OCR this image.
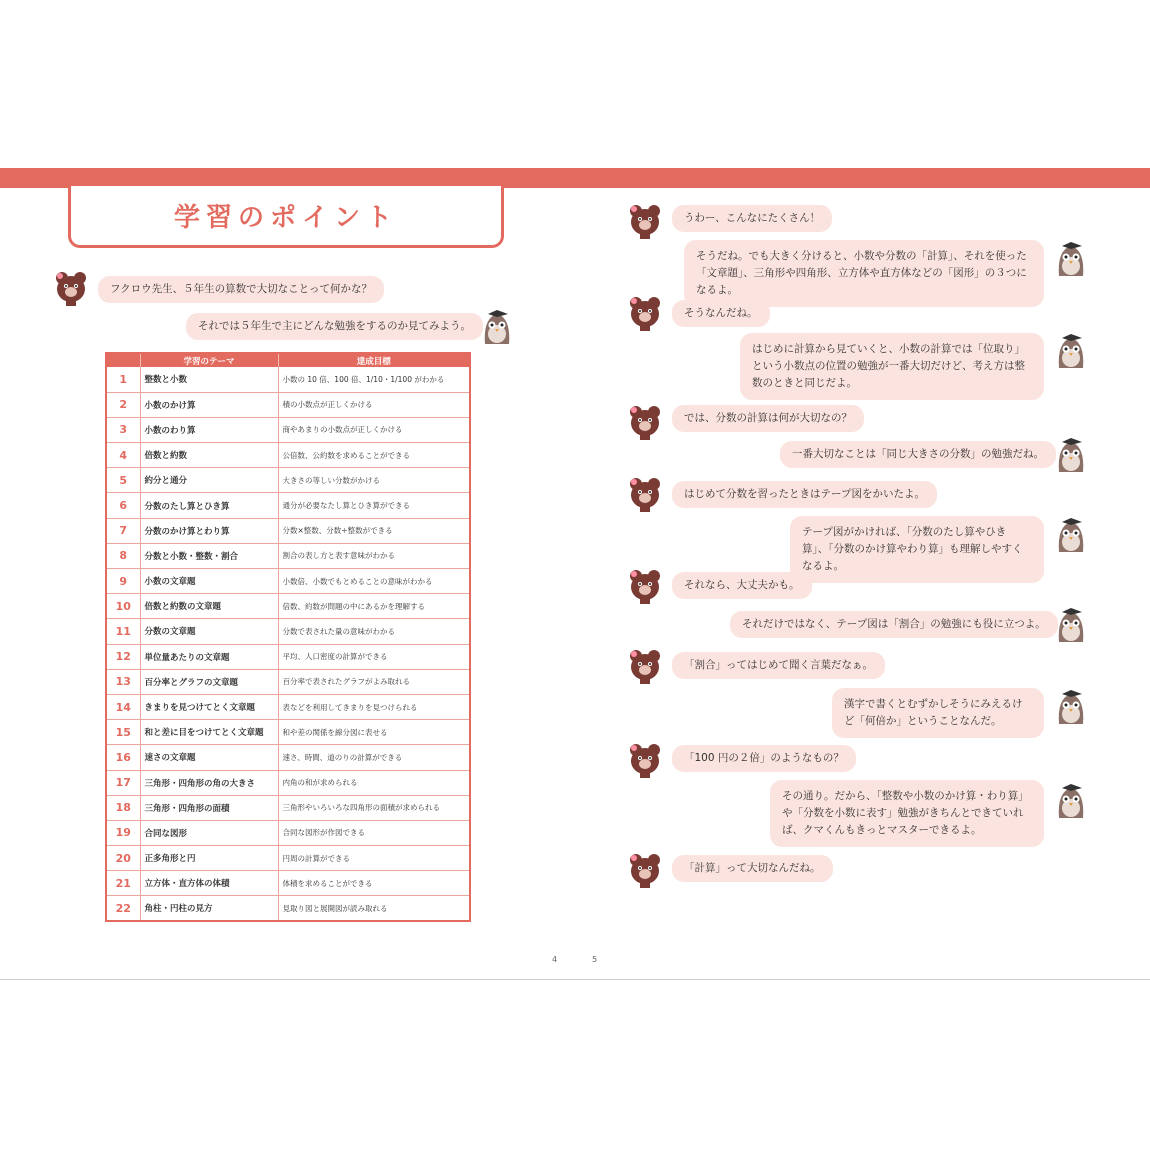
学習のポイント
フクロウ先生、５年生の算数で大切なことって何かな？
それでは５年生で主にどんな勉強をするのか見てみよう。
	学習のテーマ	達成目標
1	整数と小数	小数の 10 倍、100 倍、1/10・1/100 がわかる
2	小数のかけ算	積の小数点が正しくかける
3	小数のわり算	商やあまりの小数点が正しくかける
4	倍数と約数	公倍数、公約数を求めることができる
5	約分と通分	大きさの等しい分数がかける
6	分数のたし算とひき算	通分が必要なたし算とひき算ができる
7	分数のかけ算とわり算	分数×整数、分数÷整数ができる
8	分数と小数・整数・割合	割合の表し方と表す意味がわかる
9	小数の文章題	小数倍、小数でもとめることの意味がわかる
10	倍数と約数の文章題	倍数、約数が問題の中にあるかを理解する
11	分数の文章題	分数で表された量の意味がわかる
12	単位量あたりの文章題	平均、人口密度の計算ができる
13	百分率とグラフの文章題	百分率で表されたグラフがよみ取れる
14	きまりを見つけてとく文章題	表などを利用してきまりを見つけられる
15	和と差に目をつけてとく文章題	和や差の関係を線分図に表せる
16	速さの文章題	速さ、時間、道のりの計算ができる
17	三角形・四角形の角の大きさ	内角の和が求められる
18	三角形・四角形の面積	三角形やいろいろな四角形の面積が求められる
19	合同な図形	合同な図形が作図できる
20	正多角形と円	円周の計算ができる
21	立方体・直方体の体積	体積を求めることができる
22	角柱・円柱の見方	見取り図と展開図が読み取れる
うわー、こんなにたくさん！
そうだね。でも大きく分けると、小数や分数の「計算」、それを使った「文章題」、三角形や四角形、立方体や直方体などの「図形」の３つになるよ。
そうなんだね。
はじめに計算から見ていくと、小数の計算では「位取り」という小数点の位置の勉強が一番大切だけど、考え方は整数のときと同じだよ。
では、分数の計算は何が大切なの？
一番大切なことは「同じ大きさの分数」の勉強だね。
はじめて分数を習ったときはテープ図をかいたよ。
テープ図がかければ、「分数のたし算やひき算」、「分数のかけ算やわり算」も理解しやすくなるよ。
それなら、大丈夫かも。
それだけではなく、テープ図は「割合」の勉強にも役に立つよ。
「割合」ってはじめて聞く言葉だなぁ。
漢字で書くとむずかしそうにみえるけど「何倍か」ということなんだ。
「100 円の２倍」のようなもの？
その通り。だから、「整数や小数のかけ算・わり算」や「分数を小数に表す」勉強がきちんとできていれば、クマくんもきっとマスターできるよ。
「計算」って大切なんだね。
4	5
